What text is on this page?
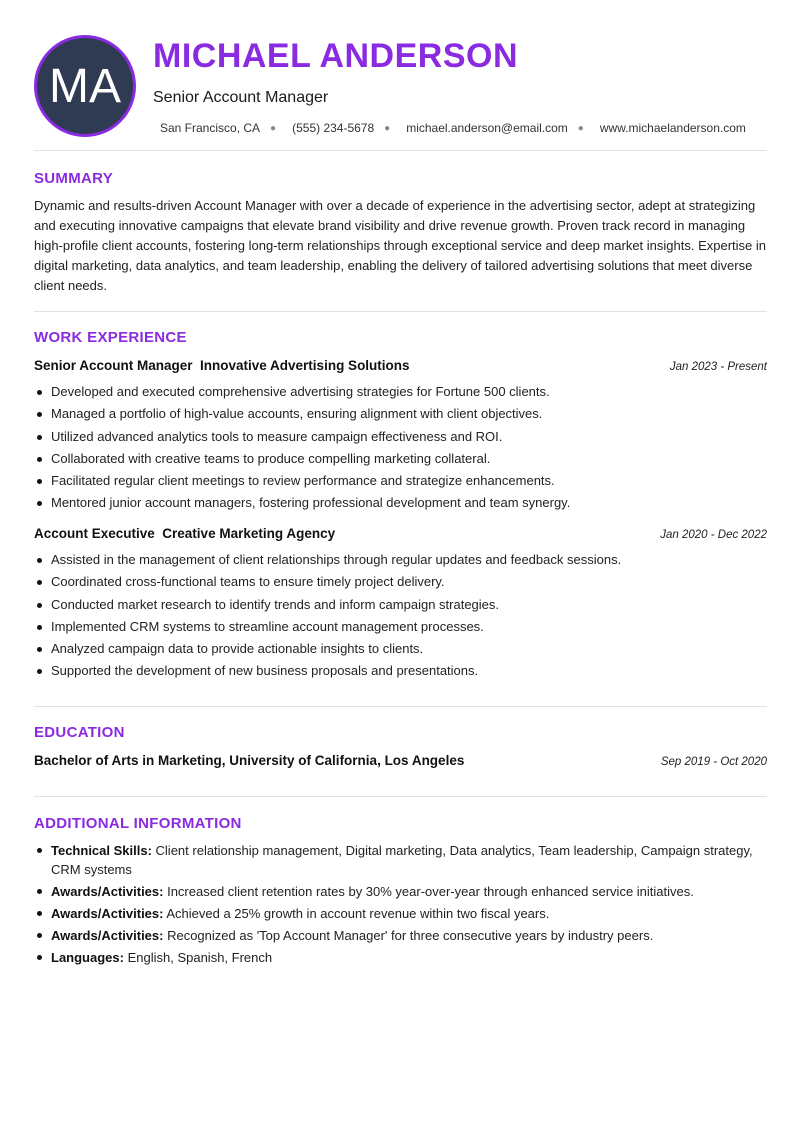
MA
MICHAEL ANDERSON
Senior Account Manager
San Francisco, CA ● (555) 234-5678 ● michael.anderson@email.com ● www.michaelanderson.com
SUMMARY

Dynamic and results-driven Account Manager with over a decade of experience in the advertising sector, adept at strategizing and executing innovative campaigns that elevate brand visibility and drive revenue growth. Proven track record in managing high-profile client accounts, fostering long-term relationships through exceptional service and deep market insights. Expertise in digital marketing, data analytics, and team leadership, enabling the delivery of tailored advertising solutions that meet diverse client needs.

WORK EXPERIENCE
Senior Account Manager  Innovative Advertising Solutions	Jan 2023 - Present
Developed and executed comprehensive advertising strategies for Fortune 500 clients.
Managed a portfolio of high-value accounts, ensuring alignment with client objectives.
Utilized advanced analytics tools to measure campaign effectiveness and ROI.
Collaborated with creative teams to produce compelling marketing collateral.
Facilitated regular client meetings to review performance and strategize enhancements.
Mentored junior account managers, fostering professional development and team synergy.
Account Executive  Creative Marketing Agency	Jan 2020 - Dec 2022
Assisted in the management of client relationships through regular updates and feedback sessions.
Coordinated cross-functional teams to ensure timely project delivery.
Conducted market research to identify trends and inform campaign strategies.
Implemented CRM systems to streamline account management processes.
Analyzed campaign data to provide actionable insights to clients.
Supported the development of new business proposals and presentations.
EDUCATION
Bachelor of Arts in Marketing, University of California, Los Angeles	Sep 2019 - Oct 2020
ADDITIONAL INFORMATION
Technical Skills: Client relationship management, Digital marketing, Data analytics, Team leadership, Campaign strategy, CRM systems
Awards/Activities: Increased client retention rates by 30% year-over-year through enhanced service initiatives.
Awards/Activities: Achieved a 25% growth in account revenue within two fiscal years.
Awards/Activities: Recognized as 'Top Account Manager' for three consecutive years by industry peers.
Languages: English, Spanish, French
